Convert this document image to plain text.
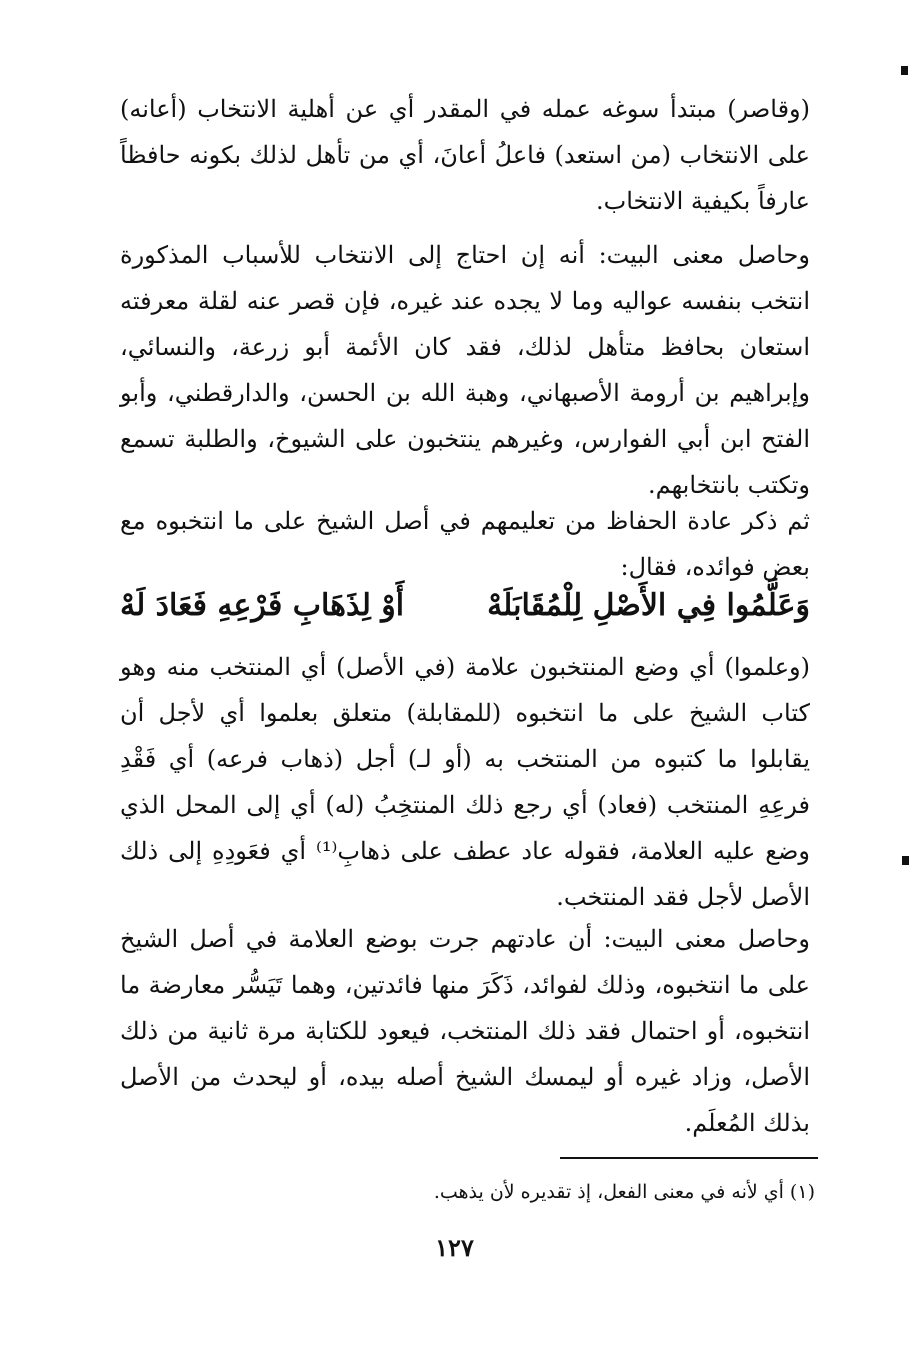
(وقاصر) مبتدأ سوغه عمله في المقدر أي عن أهلية الانتخاب (أعانه) على الانتخاب (من استعد) فاعلُ أعانَ، أي من تأهل لذلك بكونه حافظاً عارفاً بكيفية الانتخاب.

وحاصل معنى البيت: أنه إن احتاج إلى الانتخاب للأسباب المذكورة انتخب بنفسه عواليه وما لا يجده عند غيره، فإن قصر عنه لقلة معرفته استعان بحافظ متأهل لذلك، فقد كان الأئمة أبو زرعة، والنسائي، وإبراهيم بن أرومة الأصبهاني، وهبة الله بن الحسن، والدارقطني، وأبو الفتح ابن أبي الفوارس، وغيرهم ينتخبون على الشيوخ، والطلبة تسمع وتكتب بانتخابهم.

ثم ذكر عادة الحفاظ من تعليمهم في أصل الشيخ على ما انتخبوه مع بعض فوائده، فقال:

وَعَلَّمُوا فِي الأَصْلِ لِلْمُقَابَلَهْ
أَوْ لِذَهَابِ فَرْعِهِ فَعَادَ لَهْ

(وعلموا) أي وضع المنتخبون علامة (في الأصل) أي المنتخب منه وهو كتاب الشيخ على ما انتخبوه (للمقابلة) متعلق بعلموا أي لأجل أن يقابلوا ما كتبوه من المنتخب به (أو لـ) أجل (ذهاب فرعه) أي فَقْدِ فرعِهِ المنتخب (فعاد) أي رجع ذلك المنتخِبُ (له) أي إلى المحل الذي وضع عليه العلامة، فقوله عاد عطف على ذهابِ⁽¹⁾ أي فعَودِهِ إلى ذلك الأصل لأجل فقد المنتخب.

وحاصل معنى البيت: أن عادتهم جرت بوضع العلامة في أصل الشيخ على ما انتخبوه، وذلك لفوائد، ذَكَرَ منها فائدتين، وهما تَيَسُّر معارضة ما انتخبوه، أو احتمال فقد ذلك المنتخب، فيعود للكتابة مرة ثانية من ذلك الأصل، وزاد غيره أو ليمسك الشيخ أصله بيده، أو ليحدث من الأصل بذلك المُعلَم.

(١) أي لأنه في معنى الفعل، إذ تقديره لأن يذهب.

١٢٧
